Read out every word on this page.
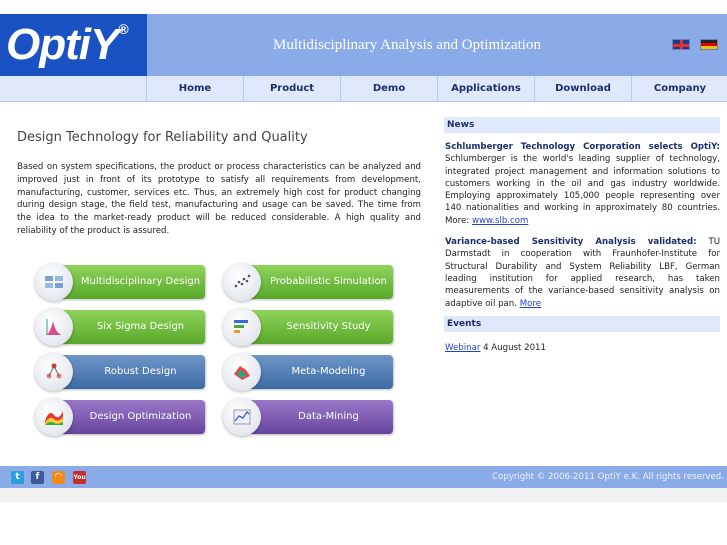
OptiY®
Multidisciplinary Analysis and Optimization
Home	Product	Demo	Applications	Download	Company
Design Technology for Reliability and Quality
Based on system specifications, the product or process characteristics can be analyzed and improved just in front of its prototype to satisfy all requirements from development, manufacturing, customer, services etc. Thus, an extremely high cost for product changing during design stage, the field test, manufacturing and usage can be saved. The time from the idea to the market-ready product will be reduced considerable. A high quality and reliability of the product is assured.
Multidisciplinary Design
Six Sigma Design
Robust Design
Design Optimization
Probabilistic Simulation
Sensitivity Study
Meta-Modeling
Data-Mining
News
Schlumberger Technology Corporation selects OptiY: Schlumberger is the world's leading supplier of technology, integrated project management and information solutions to customers working in the oil and gas industry worldwide. Employing approximately 105,000 people representing over 140 nationalities and working in approximately 80 countries. More: www.slb.com
Variance-based Sensitivity Analysis validated: TU Darmstadt in cooperation with Fraunhofer-Institute for Structural Durability and System Reliability LBF, German leading institution for applied research, has taken measurements of the variance-based sensitivity analysis on adaptive oil pan. More
Events
Webinar 4 August 2011
t	f	◠	You	Copyright © 2006-2011 OptiY e.K. All rights reserved.
